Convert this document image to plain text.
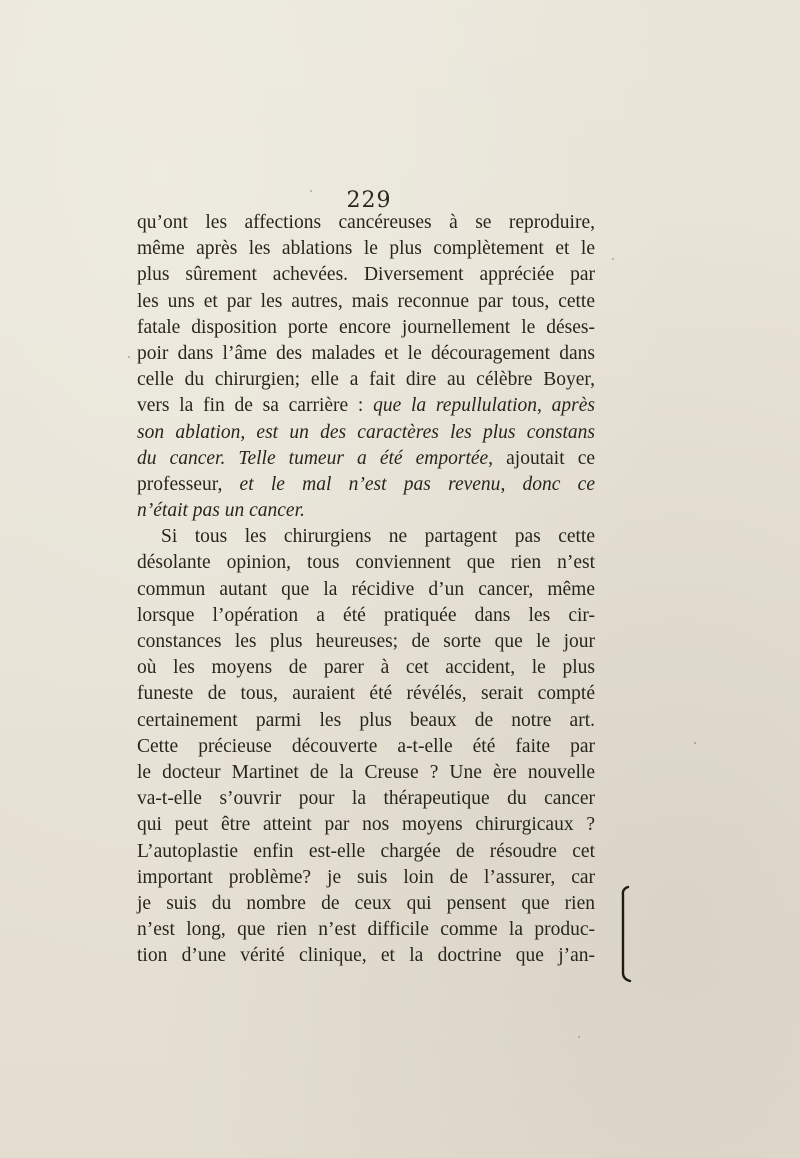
229
qu’ont les affections cancéreuses à se reproduire,
même après les ablations le plus complètement et le
plus sûrement achevées. Diversement appréciée par
les uns et par les autres, mais reconnue par tous, cette
fatale disposition porte encore journellement le déses-
poir dans l’âme des malades et le découragement dans
celle du chirurgien; elle a fait dire au célèbre Boyer,
vers la fin de sa carrière : que la repullulation, après
son ablation, est un des caractères les plus constans
du cancer. Telle tumeur a été emportée, ajoutait ce
professeur, et le mal n’est pas revenu, donc ce
n’était pas un cancer.
Si tous les chirurgiens ne partagent pas cette
désolante opinion, tous conviennent que rien n’est
commun autant que la récidive d’un cancer, même
lorsque l’opération a été pratiquée dans les cir-
constances les plus heureuses; de sorte que le jour
où les moyens de parer à cet accident, le plus
funeste de tous, auraient été révélés, serait compté
certainement parmi les plus beaux de notre art.
Cette précieuse découverte a-t-elle été faite par
le docteur Martinet de la Creuse ? Une ère nouvelle
va-t-elle s’ouvrir pour la thérapeutique du cancer
qui peut être atteint par nos moyens chirurgicaux ?
L’autoplastie enfin est-elle chargée de résoudre cet
important problème? je suis loin de l’assurer, car
je suis du nombre de ceux qui pensent que rien
n’est long, que rien n’est difficile comme la produc-
tion d’une vérité clinique, et la doctrine que j’an-
